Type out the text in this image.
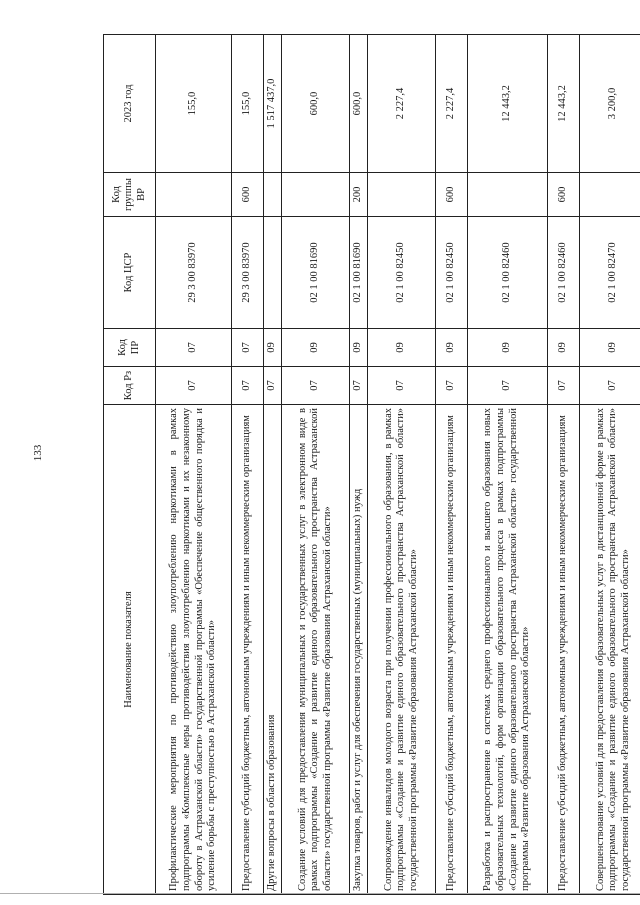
133
Наименование показателя	Код Рз	Код ПР	Код ЦСР	Код группы ВР	2023 год
Профилактические мероприятия по противодействию злоупотреблению наркотиками в рамках подпрограммы «Комплексные меры противодействия злоупотреблению наркотиками и их незаконному обороту в Астраханской области» государственной программы «Обеспечение общественного порядка и усиление борьбы с преступностью в Астраханской области»	07	07	29 3 00 83970		155,0
Предоставление субсидий бюджетным, автономным учреждениям и иным некоммерческим организациям	07	07	29 3 00 83970	600	155,0
Другие вопросы в области образования	07	09			1 517 437,0
Создание условий для предоставления муниципальных и государственных услуг в электронном виде в рамках подпрограммы «Создание и развитие единого образовательного пространства Астраханской области» государственной программы «Развитие образования Астраханской области»	07	09	02 1 00 81690		600,0
Закупка товаров, работ и услуг для обеспечения государственных (муниципальных) нужд	07	09	02 1 00 81690	200	600,0
Сопровождение инвалидов молодого возраста при получении профессионального образования, в рамках подпрограммы «Создание и развитие единого образовательного пространства Астраханской области» государственной программы «Развитие образования Астраханской области»	07	09	02 1 00 82450		2 227,4
Предоставление субсидий бюджетным, автономным учреждениям и иным некоммерческим организациям	07	09	02 1 00 82450	600	2 227,4
Разработка и распространение в системах среднего профессионального и высшего образования новых образовательных технологий, форм организации образовательного процесса в рамках подпрограммы «Создание и развитие единого образовательного пространства Астраханской области» государственной программы «Развитие образования Астраханской области»	07	09	02 1 00 82460		12 443,2
Предоставление субсидий бюджетным, автономным учреждениям и иным некоммерческим организациям	07	09	02 1 00 82460	600	12 443,2
Совершенствование условий для предоставления образовательных услуг в дистанционной форме в рамках подпрограммы «Создание и развитие единого образовательного пространства Астраханской области» государственной программы «Развитие образования Астраханской области»	07	09	02 1 00 82470		3 200,0
